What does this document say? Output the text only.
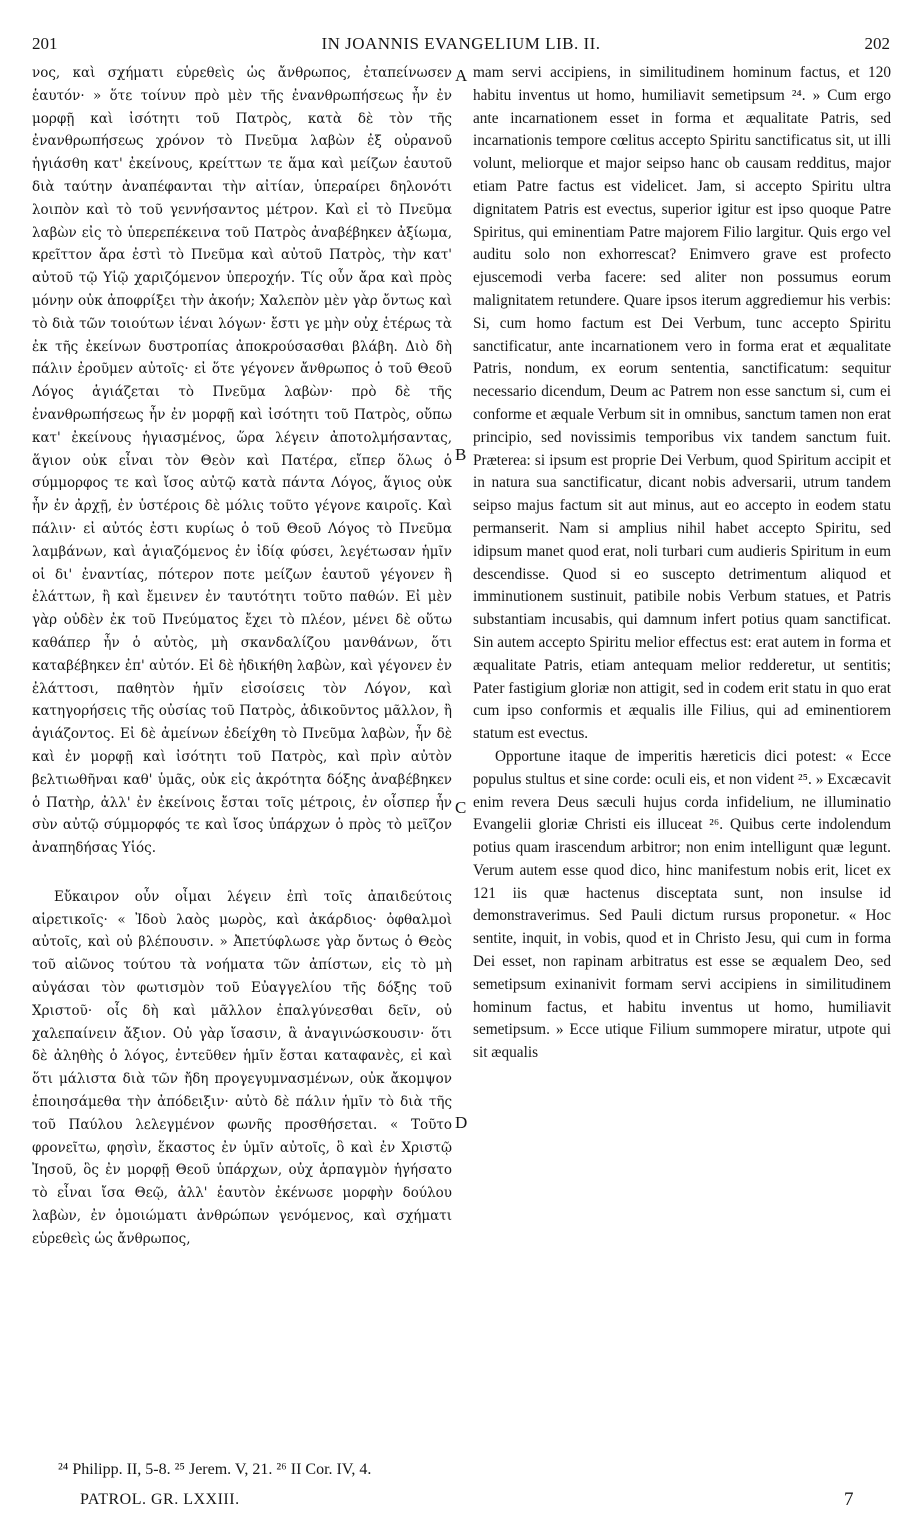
201	IN JOANNIS EVANGELIUM LIB. II.	202

νος, καὶ σχήματι εὑρεθεὶς ὡς ἄνθρωπος, ἐταπείνωσεν ἑαυτόν· » ὅτε τοίνυν πρὸ μὲν τῆς ἐνανθρωπήσεως ἦν ἐν μορφῇ καὶ ἰσότητι τοῦ Πατρὸς, κατὰ δὲ τὸν τῆς ἐνανθρωπήσεως χρόνον τὸ Πνεῦμα λαβὼν ἐξ οὐρανοῦ ἡγιάσθη κατ' ἐκείνους, κρείττων τε ἅμα καὶ μείζων ἑαυτοῦ διὰ ταύτην ἀναπέφανται τὴν αἰτίαν, ὑπεραίρει δηλονότι λοιπὸν καὶ τὸ τοῦ γεννήσαντος μέτρον. Καὶ εἰ τὸ Πνεῦμα λαβὼν εἰς τὸ ὑπερεπέκεινα τοῦ Πατρὸς ἀναβέβηκεν ἀξίωμα, κρεῖττον ἄρα ἐστὶ τὸ Πνεῦμα καὶ αὐτοῦ Πατρὸς, τὴν κατ' αὐτοῦ τῷ Υἱῷ χαριζόμενον ὑπεροχήν. Τίς οὖν ἄρα καὶ πρὸς μόνην οὐκ ἀποφρίξει τὴν ἀκοήν; Χαλεπὸν μὲν γὰρ ὄντως καὶ τὸ διὰ τῶν τοιούτων ἰέναι λόγων· ἔστι γε μὴν οὐχ ἑτέρως τὰ ἐκ τῆς ἐκείνων δυστροπίας ἀποκρούσασθαι βλάβη. Διὸ δὴ πάλιν ἐροῦμεν αὐτοῖς· εἰ ὅτε γέγονεν ἄνθρωπος ὁ τοῦ Θεοῦ Λόγος ἁγιάζεται τὸ Πνεῦμα λαβὼν· πρὸ δὲ τῆς ἐνανθρωπήσεως ἦν ἐν μορφῇ καὶ ἰσότητι τοῦ Πατρὸς, οὔπω κατ' ἐκείνους ἡγιασμένος, ὥρα λέγειν ἀποτολμήσαντας, ἅγιον οὐκ εἶναι τὸν Θεὸν καὶ Πατέρα, εἴπερ ὅλως ὁ σύμμορφος τε καὶ ἴσος αὐτῷ κατὰ πάντα Λόγος, ἅγιος οὐκ ἦν ἐν ἀρχῇ, ἐν ὑστέροις δὲ μόλις τοῦτο γέγονε καιροῖς. Καὶ πάλιν· εἰ αὐτός ἐστι κυρίως ὁ τοῦ Θεοῦ Λόγος τὸ Πνεῦμα λαμβάνων, καὶ ἁγιαζόμενος ἐν ἰδίᾳ φύσει, λεγέτωσαν ἡμῖν οἱ δι' ἐναντίας, πότερον ποτε μείζων ἑαυτοῦ γέγονεν ἢ ἐλάττων, ἢ καὶ ἔμεινεν ἐν ταυτότητι τοῦτο παθών. Εἰ μὲν γὰρ οὐδὲν ἐκ τοῦ Πνεύματος ἔχει τὸ πλέον, μένει δὲ οὕτω καθάπερ ἦν ὁ αὐτὸς, μὴ σκανδαλίζου μανθάνων, ὅτι καταβέβηκεν ἐπ' αὐτόν. Εἰ δὲ ἠδικήθη λαβὼν, καὶ γέγονεν ἐν ἐλάττοσι, παθητὸν ἡμῖν εἰσοίσεις τὸν Λόγον, καὶ κατηγορήσεις τῆς οὐσίας τοῦ Πατρὸς, ἀδικοῦντος μᾶλλον, ἢ ἁγιάζοντος. Εἰ δὲ ἀμείνων ἐδείχθη τὸ Πνεῦμα λαβὼν, ἦν δὲ καὶ ἐν μορφῇ καὶ ἰσότητι τοῦ Πατρὸς, καὶ πρὶν αὐτὸν βελτιωθῆναι καθ' ὑμᾶς, οὐκ εἰς ἀκρότητα δόξης ἀναβέβηκεν ὁ Πατὴρ, ἀλλ' ἐν ἐκείνοις ἔσται τοῖς μέτροις, ἐν οἷσπερ ἦν σὺν αὐτῷ σύμμορφός τε καὶ ἴσος ὑπάρχων ὁ πρὸς τὸ μεῖζον ἀναπηδήσας Υἱός.

Εὔκαιρον οὖν οἶμαι λέγειν ἐπὶ τοῖς ἀπαιδεύτοις αἱρετικοῖς· « Ἰδοὺ λαὸς μωρὸς, καὶ ἀκάρδιος· ὀφθαλμοὶ αὐτοῖς, καὶ οὐ βλέπουσιν. » Ἀπετύφλωσε γὰρ ὄντως ὁ Θεὸς τοῦ αἰῶνος τούτου τὰ νοήματα τῶν ἀπίστων, εἰς τὸ μὴ αὐγάσαι τὸν φωτισμὸν τοῦ Εὐαγγελίου τῆς δόξης τοῦ Χριστοῦ· οἷς δὴ καὶ μᾶλλον ἐπαλγύνεσθαι δεῖν, οὐ χαλεπαίνειν ἄξιον. Οὐ γὰρ ἴσασιν, ἃ ἀναγινώσκουσιν· ὅτι δὲ ἀληθὴς ὁ λόγος, ἐντεῦθεν ἡμῖν ἔσται καταφανὲς, εἰ καὶ ὅτι μάλιστα διὰ τῶν ἤδη προγεγυμνασμένων, οὐκ ἄκομψον ἐποιησάμεθα τὴν ἀπόδειξιν· αὐτὸ δὲ πάλιν ἡμῖν τὸ διὰ τῆς τοῦ Παύλου λελεγμένον φωνῆς προσθήσεται. « Τοῦτο φρονεῖτω, φησὶν, ἕκαστος ἐν ὑμῖν αὐτοῖς, ὃ καὶ ἐν Χριστῷ Ἰησοῦ, ὃς ἐν μορφῇ Θεοῦ ὑπάρχων, οὐχ ἁρπαγμὸν ἡγήσατο τὸ εἶναι ἴσα Θεῷ, ἀλλ' ἑαυτὸν ἐκένωσε μορφὴν δούλου λαβὼν, ἐν ὁμοιώματι ἀνθρώπων γενόμενος, καὶ σχήματι εὑρεθεὶς ὡς ἄνθρωπος,

mam servi accipiens, in similitudinem hominum factus, et 120 habitu inventus ut homo, humiliavit semetipsum ²⁴. » Cum ergo ante incarnationem esset in forma et æqualitate Patris, sed incarnationis tempore cœlitus accepto Spiritu sanctificatus sit, ut illi volunt, meliorque et major seipso hanc ob causam redditus, major etiam Patre factus est videlicet. Jam, si accepto Spiritu ultra dignitatem Patris est evectus, superior igitur est ipso quoque Patre Spiritus, qui eminentiam Patre majorem Filio largitur. Quis ergo vel auditu solo non exhorrescat? Enimvero grave est profecto ejuscemodi verba facere: sed aliter non possumus eorum malignitatem retundere. Quare ipsos iterum aggrediemur his verbis: Si, cum homo factum est Dei Verbum, tunc accepto Spiritu sanctificatur, ante incarnationem vero in forma erat et æqualitate Patris, nondum, ex eorum sententia, sanctificatum: sequitur necessario dicendum, Deum ac Patrem non esse sanctum si, cum ei conforme et æquale Verbum sit in omnibus, sanctum tamen non erat principio, sed novissimis temporibus vix tandem sanctum fuit. Præterea: si ipsum est proprie Dei Verbum, quod Spiritum accipit et in natura sua sanctificatur, dicant nobis adversarii, utrum tandem seipso majus factum sit aut minus, aut eo accepto in eodem statu permanserit. Nam si amplius nihil habet accepto Spiritu, sed idipsum manet quod erat, noli turbari cum audieris Spiritum in eum descendisse. Quod si eo suscepto detrimentum aliquod et imminutionem sustinuit, patibile nobis Verbum statues, et Patris substantiam incusabis, qui damnum infert potius quam sanctificat. Sin autem accepto Spiritu melior effectus est: erat autem in forma et æqualitate Patris, etiam antequam melior redderetur, ut sentitis; Pater fastigium gloriæ non attigit, sed in codem erit statu in quo erat cum ipso conformis et æqualis ille Filius, qui ad eminentiorem statum est evectus.

Opportune itaque de imperitis hæreticis dici potest: « Ecce populus stultus et sine corde: oculi eis, et non vident ²⁵. » Excæcavit enim revera Deus sæculi hujus corda infidelium, ne illuminatio Evangelii gloriæ Christi eis illuceat ²⁶. Quibus certe indolendum potius quam irascendum arbitror; non enim intelligunt quæ legunt. Verum autem esse quod dico, hinc manifestum nobis erit, licet ex 121 iis quæ hactenus disceptata sunt, non insulse id demonstraverimus. Sed Pauli dictum rursus proponetur. « Hoc sentite, inquit, in vobis, quod et in Christo Jesu, qui cum in forma Dei esset, non rapinam arbitratus est esse se æqualem Deo, sed semetipsum exinanivit formam servi accipiens in similitudinem hominum factus, et habitu inventus ut homo, humiliavit semetipsum. » Ecce utique Filium summopere miratur, utpote qui sit æqualis

A
B
C
D
²⁴ Philipp. II, 5-8. ²⁵ Jerem. V, 21. ²⁶ II Cor. IV, 4.
PATROL. GR. LXXIII.	7
